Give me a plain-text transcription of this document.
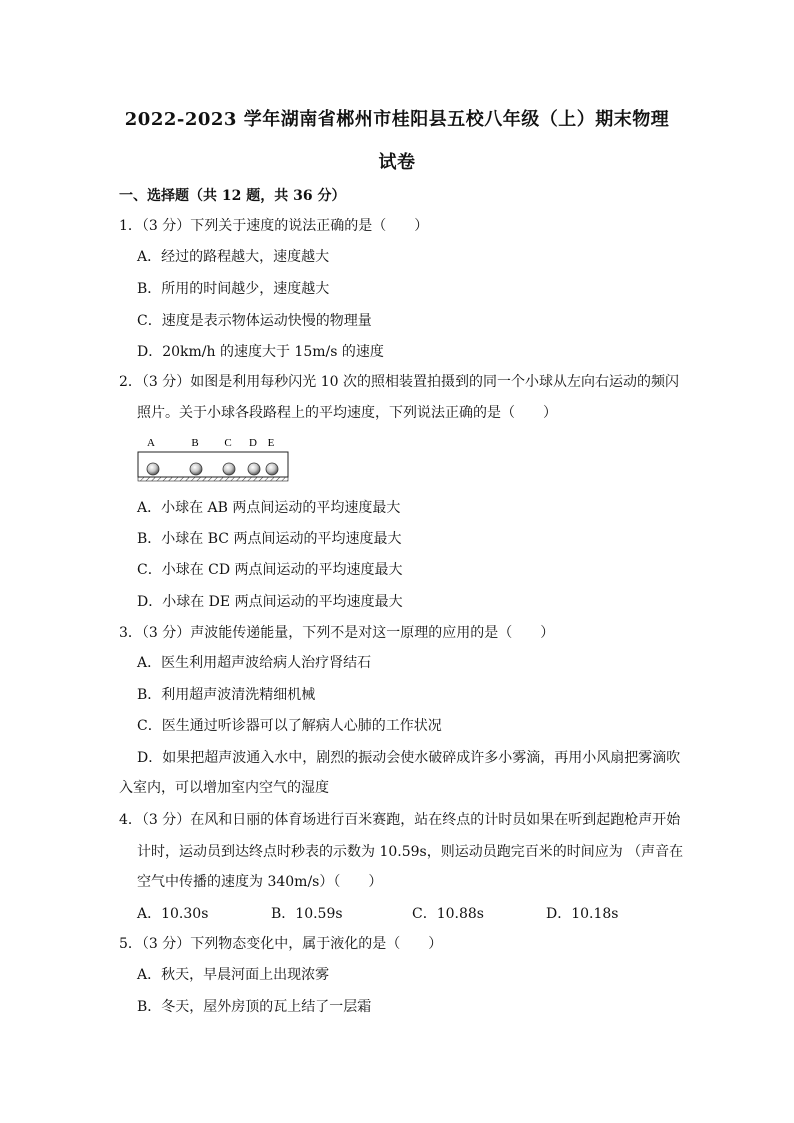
2022-2023 学年湖南省郴州市桂阳县五校八年级（上）期末物理
试卷
一、选择题（共 12 题，共 36 分）
1．（3 分）下列关于速度的说法正确的是（　　）
A．经过的路程越大，速度越大
B．所用的时间越少，速度越大
C．速度是表示物体运动快慢的物理量
D．20km/h 的速度大于 15m/s 的速度
2．（3 分）如图是利用每秒闪光 10 次的照相装置拍摄到的同一个小球从左向右运动的频闪
照片。关于小球各段路程上的平均速度，下列说法正确的是（　　）
A	B C D E
A．小球在 AB 两点间运动的平均速度最大
B．小球在 BC 两点间运动的平均速度最大
C．小球在 CD 两点间运动的平均速度最大
D．小球在 DE 两点间运动的平均速度最大
3．（3 分）声波能传递能量，下列不是对这一原理的应用的是（　　）
A．医生利用超声波给病人治疗肾结石
B．利用超声波清洗精细机械
C．医生通过听诊器可以了解病人心肺的工作状况
D．如果把超声波通入水中，剧烈的振动会使水破碎成许多小雾滴，再用小风扇把雾滴吹
入室内，可以增加室内空气的湿度
4．（3 分）在风和日丽的体育场进行百米赛跑，站在终点的计时员如果在听到起跑枪声开始
计时，运动员到达终点时秒表的示数为 10.59s，则运动员跑完百米的时间应为 （声音在
空气中传播的速度为 340m/s）（　　）
A．10.30s	B．10.59s	C．10.88s	D．10.18s
5．（3 分）下列物态变化中，属于液化的是（　　）
A．秋天，早晨河面上出现浓雾
B．冬天，屋外房顶的瓦上结了一层霜
